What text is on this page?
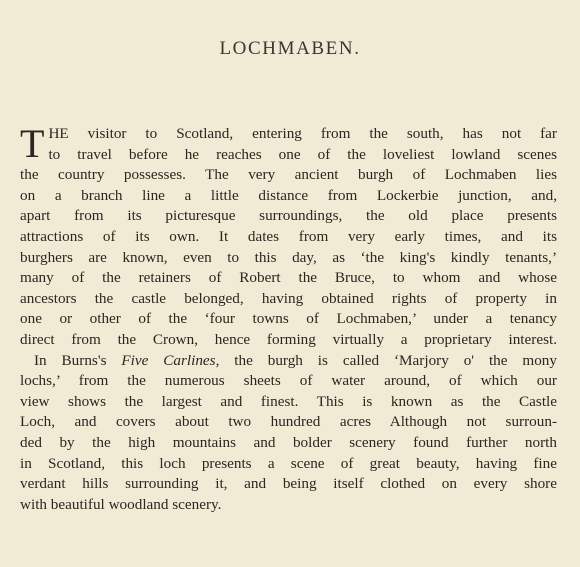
LOCHMABEN.
T HE visitor to Scotland, entering from the south, has not far
to travel before he reaches one of the loveliest lowland scenes
the country possesses. The very ancient burgh of Lochmaben lies
on a branch line a little distance from Lockerbie junction, and,
apart from its picturesque surroundings, the old place presents
attractions of its own. It dates from very early times, and its
burghers are known, even to this day, as ‘the king's kindly tenants,’
many of the retainers of Robert the Bruce, to whom and whose
ancestors the castle belonged, having obtained rights of property in
one or other of the ‘four towns of Lochmaben,’ under a tenancy
direct from the Crown, hence forming virtually a proprietary interest.
In Burns's Five Carlines, the burgh is called ‘Marjory o' the mony
lochs,’ from the numerous sheets of water around, of which our
view shows the largest and finest. This is known as the Castle
Loch, and covers about two hundred acres Although not surroun-
ded by the high mountains and bolder scenery found further north
in Scotland, this loch presents a scene of great beauty, having fine
verdant hills surrounding it, and being itself clothed on every shore
with beautiful woodland scenery.
